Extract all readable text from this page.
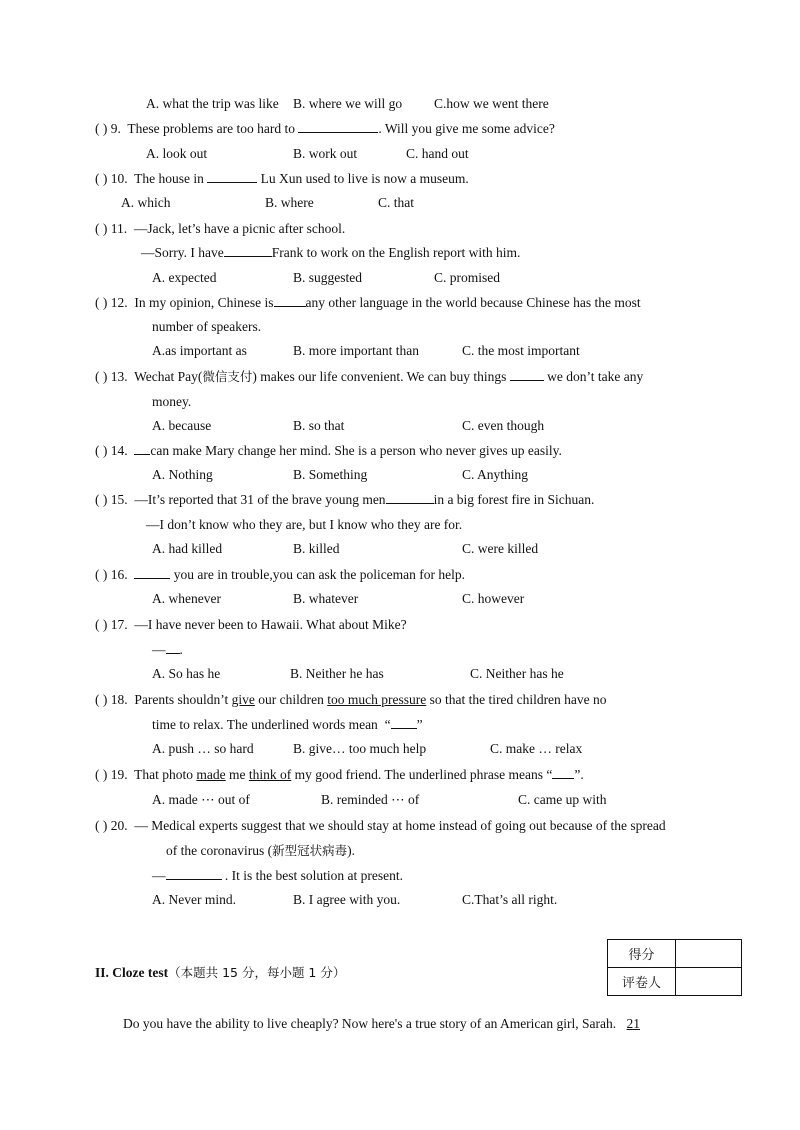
A. what the trip was like B. where we will go C.how we went there
( ) 9. These problems are too hard to	. Will you give me some advice?
A. look out	B. work out	C. hand out
( ) 10. The house in	Lu Xun used to live is now a museum.
A. which	B. where	C. that
( ) 11. —Jack, let’s have a picnic after school.
—Sorry. I have	Frank to work on the English report with him.
A. expected	B. suggested	C. promised
( ) 12. In my opinion, Chinese is any other language in the world because Chinese has the most
number of speakers.
A.as important as	B. more important than	C. the most important
( ) 13. Wechat Pay(微信支付) makes our life convenient. We can buy things	we don’t take any
money.
A. because	B. so that	C. even though
( ) 14. can make Mary change her mind. She is a person who never gives up easily.
A. Nothing	B. Something	C. Anything
( ) 15. —It’s reported that 31 of the brave young men	in a big forest fire in Sichuan.
—I don’t know who they are, but I know who they are for.
A. had killed	B. killed	C. were killed
( ) 16.	you are in trouble,you can ask the policeman for help.
A. whenever	B. whatever	C. however
( ) 17. —I have never been to Hawaii. What about Mike?
— .
A. So has he	B. Neither he has	C. Neither has he
( ) 18. Parents shouldn’t give our children too much pressure so that the tired children have no
time to relax. The underlined words mean  “ ”
A. push … so hard	B. give… too much help	C. make … relax
( ) 19. That photo made me think of my good friend. The underlined phrase means “ ”.
A. made ⋯ out of	B. reminded ⋯ of	C. came up with
( ) 20. — Medical experts suggest that we should stay at home instead of going out because of the spread
of the coronavirus (新型冠状病毒).
—	. It is the best solution at present.
A. Never mind.	B. I agree with you.	C.That’s all right.
得分	
评卷人	
II. Cloze test（本题共 15 分，每小题 1 分）
Do you have the ability to live cheaply? Now here's a true story of an American girl, Sarah. 21
